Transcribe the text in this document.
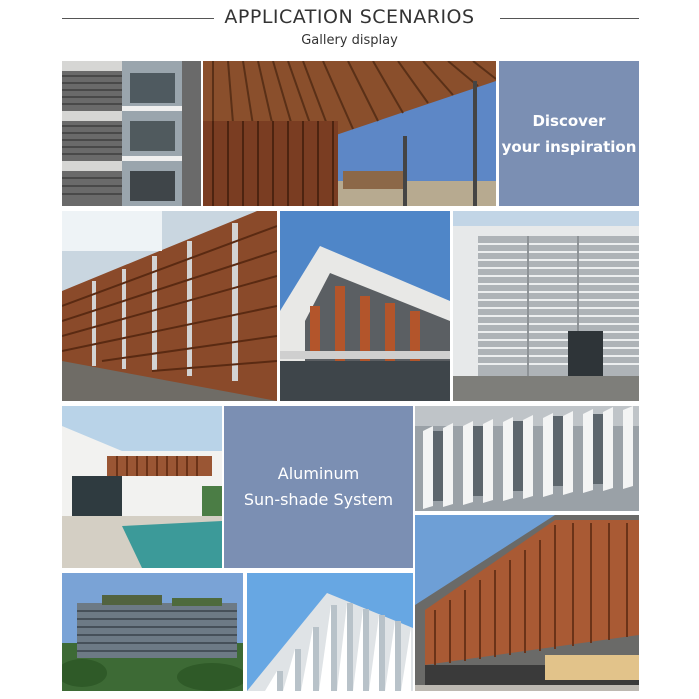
APPLICATION SCENARIOS
Gallery display
Discover
your inspiration
Aluminum
Sun-shade System
